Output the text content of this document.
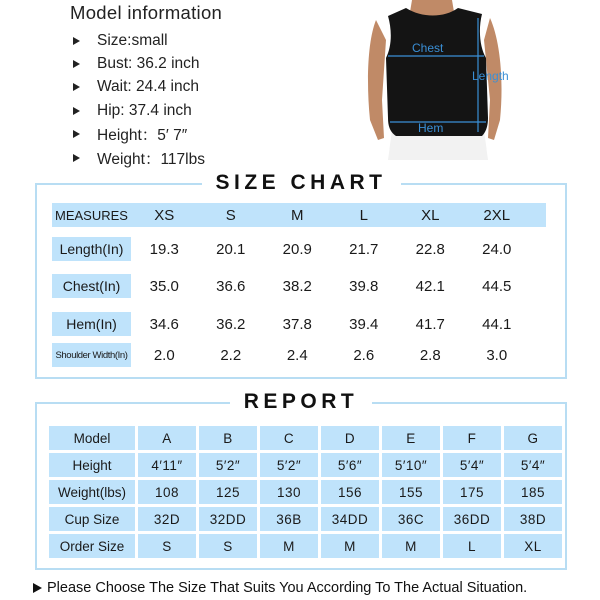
Model information
Size:small
Bust: 36.2 inch
Wait: 24.4 inch
Hip: 37.4 inch
Height：5′ 7″
Weight：117lbs
Chest
Length
Hem
SIZE CHART
MEASURES	XS	S	M	L	XL	2XL
Length(In)	19.3	20.1	20.9	21.7	22.8	24.0
Chest(In)	35.0	36.6	38.2	39.8	42.1	44.5
Hem(In)	34.6	36.2	37.8	39.4	41.7	44.1
Shoulder Width(In)	2.0	2.2	2.4	2.6	2.8	3.0
REPORT
Model	A	B	C	D	E	F	G
Height	4′11″	5′2″	5′2″	5′6″	5′10″	5′4″	5′4″
Weight(lbs)	108	125	130	156	155	175	185
Cup Size	32D	32DD	36B	34DD	36C	36DD	38D
Order Size	S	S	M	M	M	L	XL
Please Choose The Size That Suits You According To The Actual Situation.
